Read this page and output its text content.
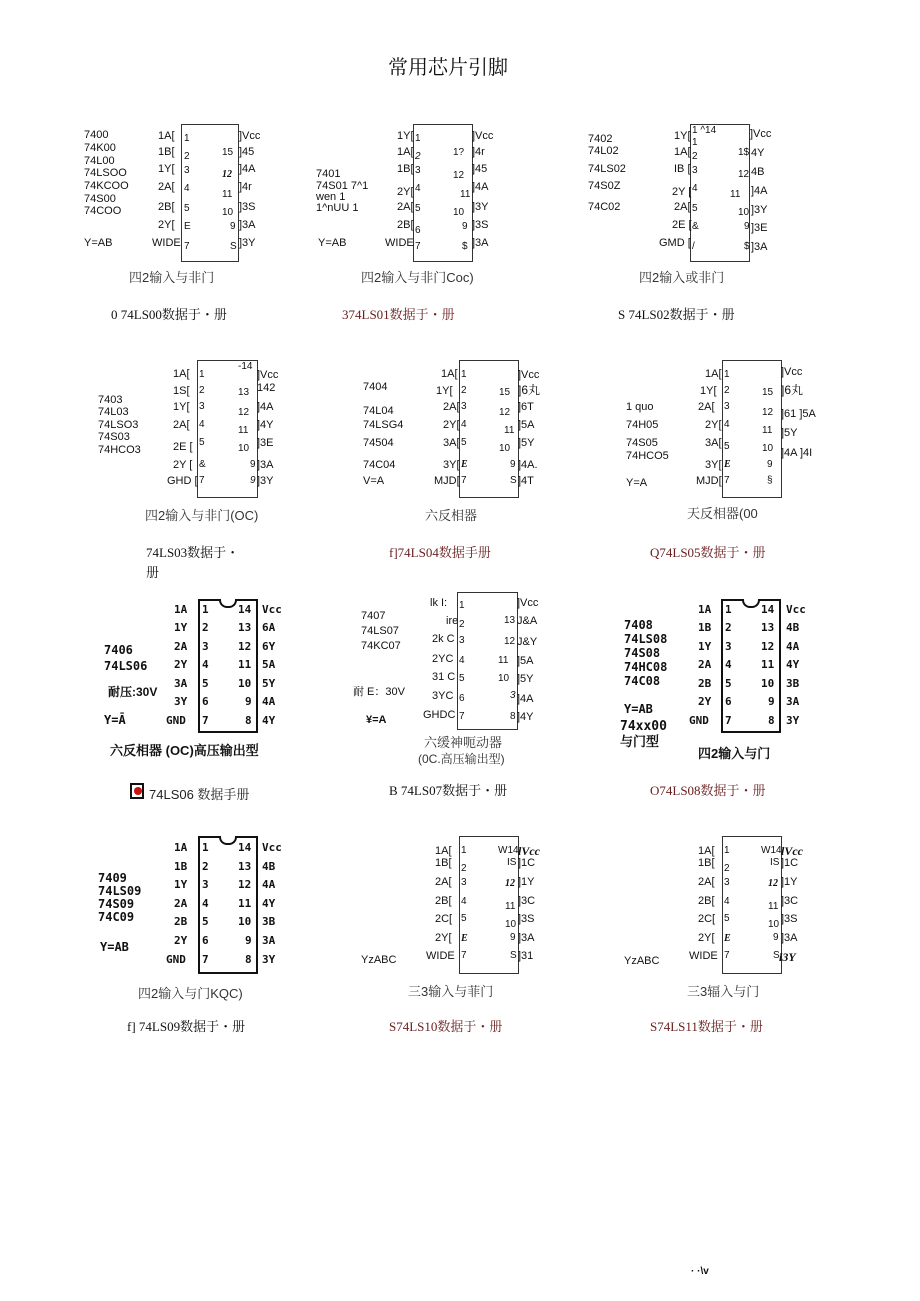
常用芯片引脚
7400
74K00
74L00
74LSOO
74KCOO
74S00
74COO
Y=AB
1A[
1B[
1Y[
2A[
2B[
2Y[
WIDE
1
2
3
4
5
E
7
15
12
11
10
9
S
]Vcc
]45
]4A
]4r
]3S
]3A
]3Y
四2输入与非门
0 74LS00数据于・册
7401
74S01 7^1
wen 1
1^nUU 1
Y=AB
1Y[
1A[
1B[
2Y[
2A[
2B[
WIDE
1
2
3
4
5
6
7
1?
12
11
10
9
$
]Vcc
]4r
]45
]4A
]3Y
]3S
]3A
四2输入与非门Coc)
374LS01数据于・册
7402
74L02
74LS02
74S0Z
74C02
1 ^14
1Y[
1A[
IB [
2Y [
2A[
2E [
GMD [
1
2
3
4
5
&
/
1$
12
11
10
9
$
]Vcc
4Y
4B
]4A
]3Y
]3E
]3A
四2输入或非门
S 74LS02数据于・册
7403
74L03
74LSO3
74S03
74HCO3
-14
1A[
1S[
1Y[
2A[
2E [
2Y [
GHD [
1
2
3
4
5
&
7
13
12
11
10
9
9
]Vcc
142
]4A
]4Y
]3E
]3A
]3Y
四2输入与非门(OC)
74LS03数据于・
册
7404
74L04
74LSG4
74504
74C04
V=A
1A[
1Y[
2A[
2Y[
3A[
3Y[
MJD[
1
2
3
4
5
E
7
15
12
11
10
9
S
]Vcc
]6丸
]6T
]5A
]5Y
]4A.
]4T
六反相器
f]74LS04数据手册
1 quo
74H05
74S05
74HCO5
Y=A
1A[
1Y[
2A[
2Y[
3A[
3Y[
MJD[
1
2
3
4
5
E
7
15
12
11
10
9
§
]Vcc
]6丸
]61 ]5A
]5Y
]4A ]4I
天反相器(00
Q74LS05数据于・册
7406
74LS06
耐压:30V
Y=Ā
1A
1Y
2A
2Y
3A
3Y
GND
1
2
3
4
5
6
7
14
13
12
11
10
9
8
Vcc
6A
6Y
5A
5Y
4A
4Y
六反相器 (OC)高压输出型
74LS06 数据手册
7407
74LS07
74KC07
耐 E：30V
¥=A
lk I:
ire
2k C
2YC
31 C
3YC
GHDC
1
2
3
4
5
6
7
13
12
11
10
3
8
]Vcc
J&A
J&Y
]5A
]5Y
]4A
]4Y
六缓神呃动器
(0C.高压输出型)
B 74LS07数据于・册
7408
74LS08
74S08
74HC08
74C08
Y=AB
74xx00
与门型
1A
1B
1Y
2A
2B
2Y
GND
1
2
3
4
5
6
7
14
13
12
11
10
9
8
Vcc
4B
4A
4Y
3B
3A
3Y
四2输入与门
O74LS08数据于・册
7409
74LS09
74S09
74C09
Y=AB
1A
1B
1Y
2A
2B
2Y
GND
1
2
3
4
5
6
7
14
13
12
11
10
9
8
Vcc
4B
4A
4Y
3B
3A
3Y
四2输入与门KQC)
f] 74LS09数据于・册
YzABC
1A[
1B[
2A[
2B[
2C[
2Y[
WIDE
1
2
3
4
5
E
7
W14
IS
12
11
10
9
S
lVcc
]1C
]1Y
]3C
]3S
]3A
]31
三3输入与菲门
S74LS10数据于・册
YzABC
1A[
1B[
2A[
2B[
2C[
2Y[
WIDE
1
2
3
4
5
E
7
W14
IS
12
11
10
9
S
lVcc
]1C
]1Y
]3C
]3S
]3A
l3Y
三3辐入与门
S74LS11数据于・册
· ·\v
